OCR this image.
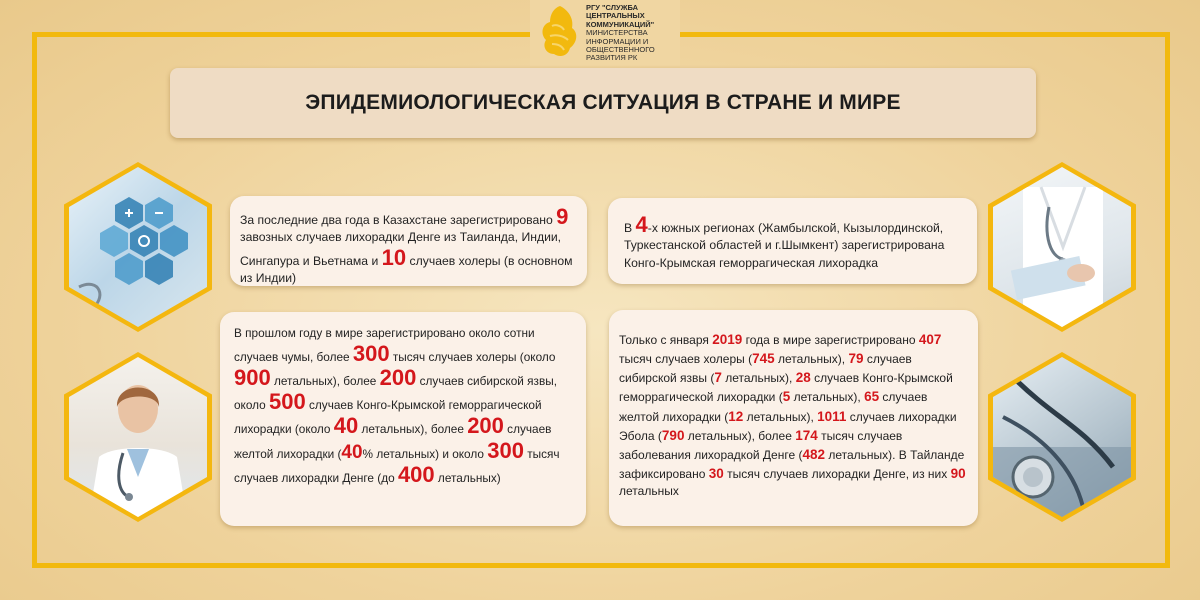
РГУ "СЛУЖБА
ЦЕНТРАЛЬНЫХ
КОММУНИКАЦИЙ"
МИНИСТЕРСТВА
ИНФОРМАЦИИ И
ОБЩЕСТВЕННОГО
РАЗВИТИЯ РК
ЭПИДЕМИОЛОГИЧЕСКАЯ СИТУАЦИЯ В СТРАНЕ И МИРЕ

За последние два года в Казахстане зарегистрировано 9 завозных случаев лихорадки Денге из Таиланда, Индии, Сингапура и Вьетнама и 10 случаев холеры (в основном из Индии)

В 4-х южных регионах (Жамбылской, Кызылординской, Туркестанской областей и г.Шымкент) зарегистрирована Конго-Крымская геморрагическая лихорадка

В прошлом году в мире зарегистрировано около сотни случаев чумы, более 300 тысяч случаев холеры (около 900 летальных), более 200 случаев сибирской язвы, около 500 случаев Конго-Крымской геморрагической лихорадки (около 40 летальных), более 200 случаев желтой лихорадки (40% летальных) и около 300 тысяч случаев лихорадки Денге (до 400 летальных)

Только с января 2019 года в мире зарегистрировано 407 тысяч случаев холеры (745 летальных), 79 случаев сибирской язвы (7 летальных), 28 случаев Конго-Крымской геморрагической лихорадки (5 летальных), 65 случаев желтой лихорадки (12 летальных), 1011 случаев лихорадки Эбола (790 летальных), более 174 тысяч случаев заболевания лихорадкой Денге (482 летальных). В Тайланде зафиксировано 30 тысяч случаев лихорадки Денге, из них 90 летальных
